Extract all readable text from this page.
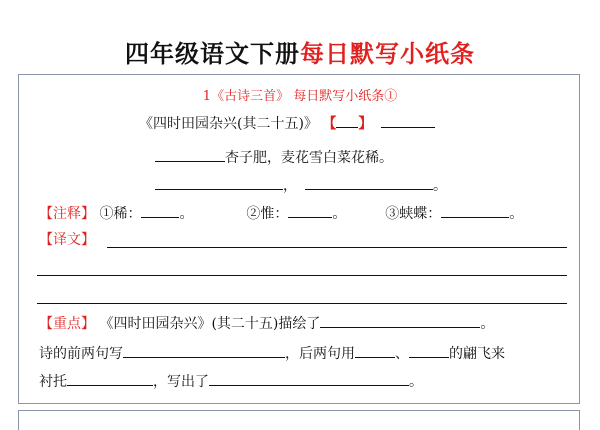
四年级语文下册每日默写小纸条
1《古诗三首》 每日默写小纸条①
《四时田园杂兴(其二十五)》 【 】
杏子肥，麦花雪白菜花稀。
，	。
【注释】 ①稀：	。	②惟：	。	③蛱蝶：	。
【译文】
【重点】 《四时田园杂兴》(其二十五)描绘了	。
诗的前两句写	，后两句用	、	的翩飞来
衬托	，写出了	。
